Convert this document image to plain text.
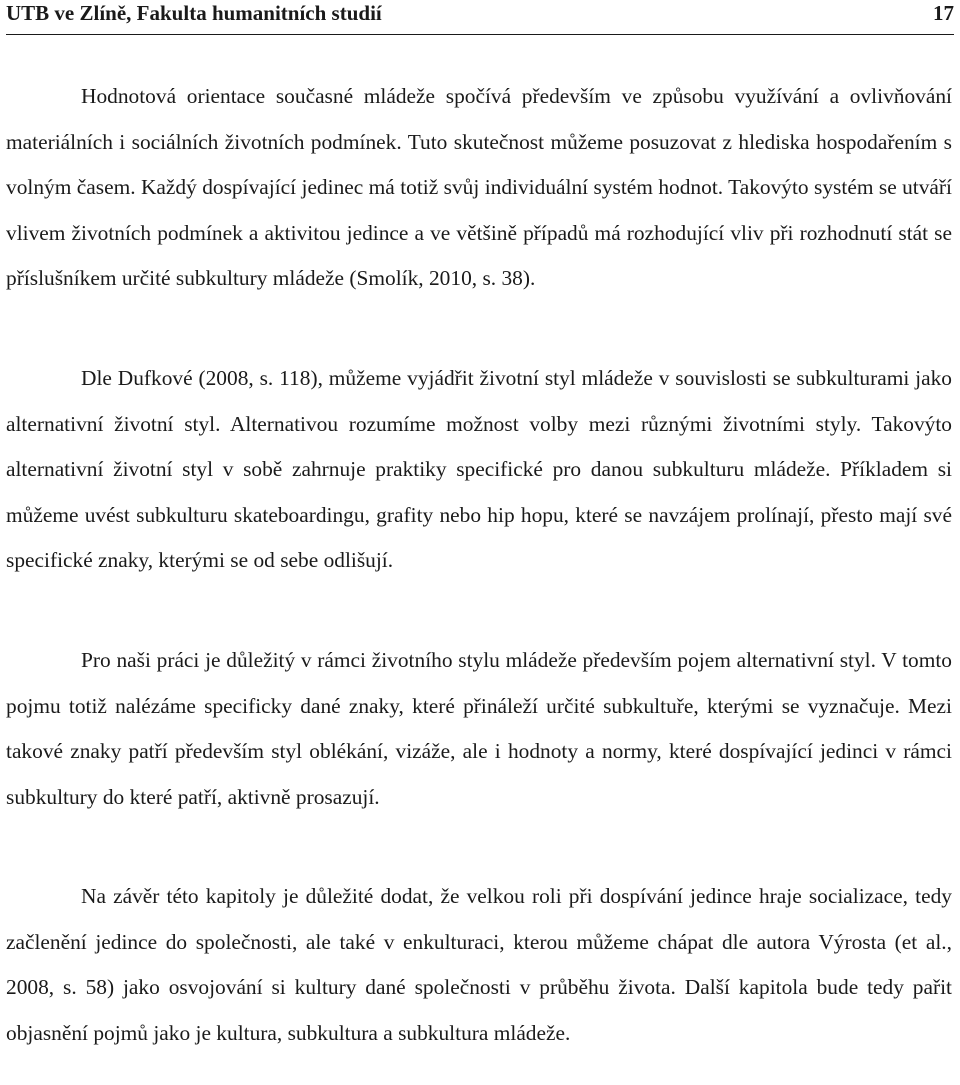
UTB ve Zlíně, Fakulta humanitních studií	17

Hodnotová orientace současné mládeže spočívá především ve způsobu využívání a ovlivňování materiálních i sociálních životních podmínek. Tuto skutečnost můžeme posuzovat z hlediska hospodařením s volným časem. Každý dospívající jedinec má totiž svůj individuální systém hodnot. Takovýto systém se utváří vlivem životních podmínek a aktivitou jedince a ve většině případů má rozhodující vliv při rozhodnutí stát se příslušníkem určité subkultury mládeže (Smolík, 2010, s. 38).

Dle Dufkové (2008, s. 118), můžeme vyjádřit životní styl mládeže v souvislosti se subkulturami jako alternativní životní styl. Alternativou rozumíme možnost volby mezi různými životními styly. Takovýto alternativní životní styl v sobě zahrnuje praktiky specifické pro danou subkulturu mládeže. Příkladem si můžeme uvést subkulturu skateboardingu, grafity nebo hip hopu, které se navzájem prolínají, přesto mají své specifické znaky, kterými se od sebe odlišují.

Pro naši práci je důležitý v rámci životního stylu mládeže především pojem alternativní styl. V tomto pojmu totiž nalézáme specificky dané znaky, které přináleží určité subkultuře, kterými se vyznačuje. Mezi takové znaky patří především styl oblékání, vizáže, ale i hodnoty a normy, které dospívající jedinci v rámci subkultury do které patří, aktivně prosazují.

Na závěr této kapitoly je důležité dodat, že velkou roli při dospívání jedince hraje socializace, tedy začlenění jedince do společnosti, ale také v enkulturaci, kterou můžeme chápat dle autora Výrosta (et al., 2008, s. 58) jako osvojování si kultury dané společnosti v průběhu života. Další kapitola bude tedy pařit objasnění pojmů jako je kultura, subkultura a subkultura mládeže.
